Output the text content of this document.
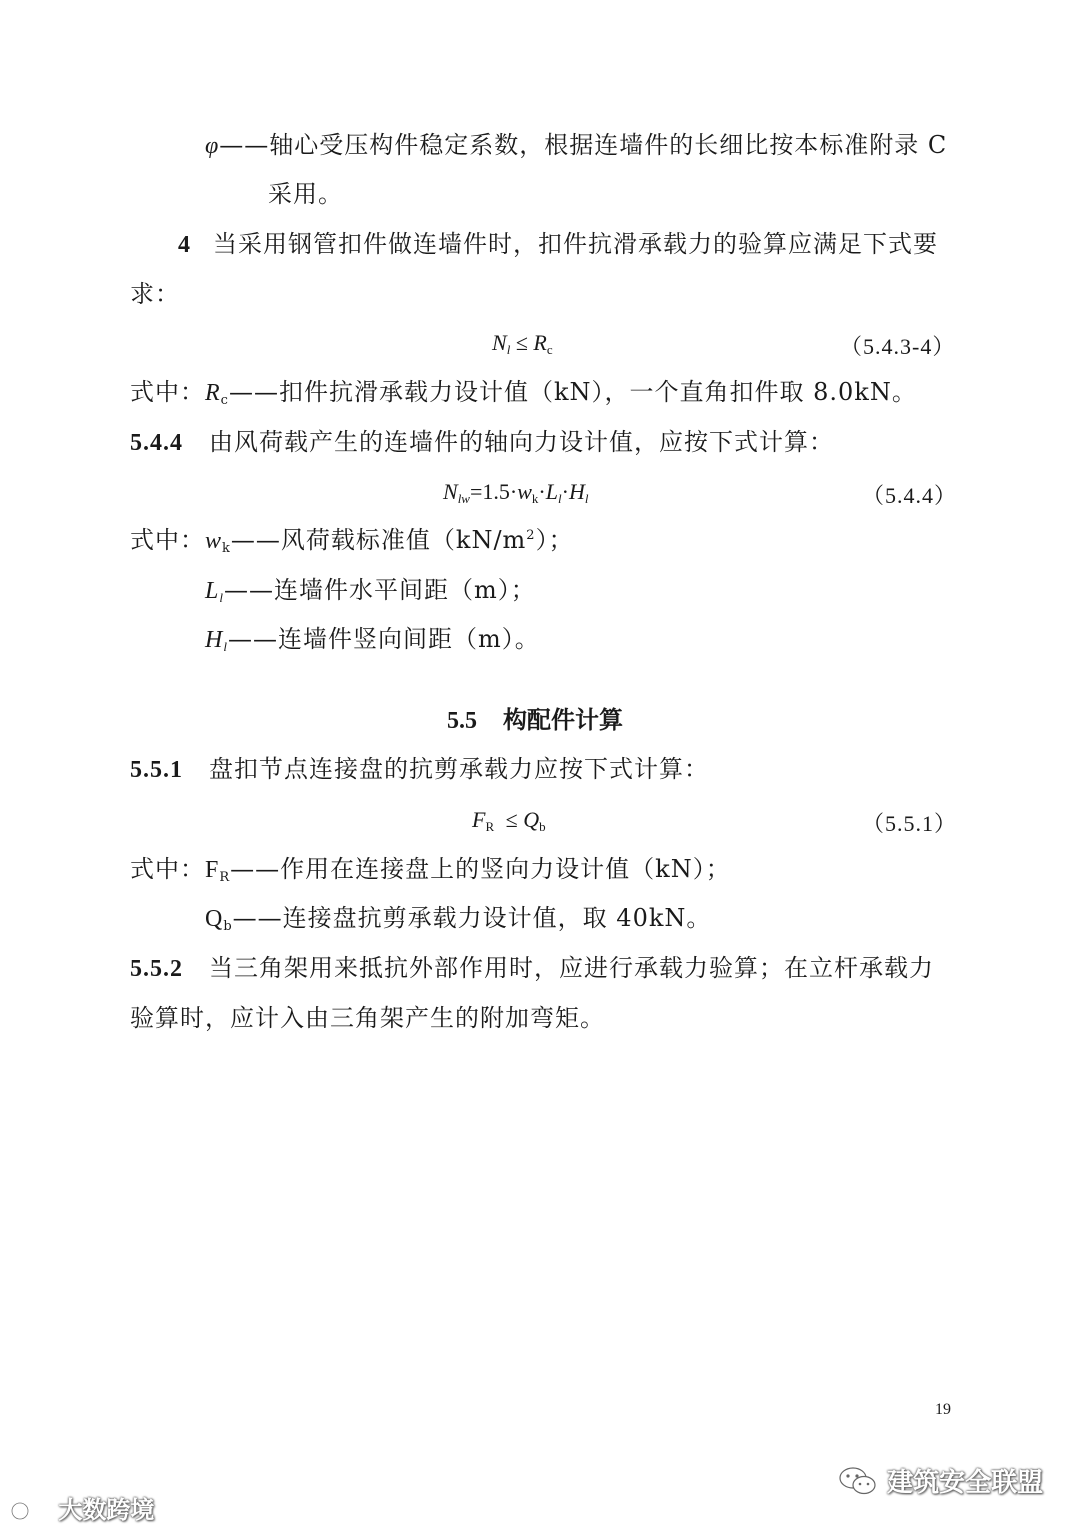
φ——轴心受压构件稳定系数，根据连墙件的长细比按本标准附录 C
采用。
4 当采用钢管扣件做连墙件时，扣件抗滑承载力的验算应满足下式要
求：
$N_l \le R_c$	（5.4.3-4）
式中：$R_c——$扣件抗滑承载力设计值（kN），一个直角扣件取 8.0kN。
5.4.4 由风荷载产生的连墙件的轴向力设计值，应按下式计算：
$N_{lw}=1.5\cdot w_k\cdot L_l\cdot H_l$	（5.4.4）
式中：$w_k——$风荷载标准值$(kN/m^2)$；
$L_l——$连墙件水平间距（m）；
$H_l——$连墙件竖向间距（m）。
5.5 构配件计算
5.5.1 盘扣节点连接盘的抗剪承载力应按下式计算：
$F_R \le Q_b$	（5.5.1）
式中：$F_R——$作用在连接盘上的竖向力设计值（kN）；
$Q_b——$连接盘抗剪承载力设计值，取 40kN。
5.5.2 当三角架用来抵抗外部作用时，应进行承载力验算；在立杆承载力
验算时，应计入由三角架产生的附加弯矩。
19
大数跨境
建筑安全联盟
